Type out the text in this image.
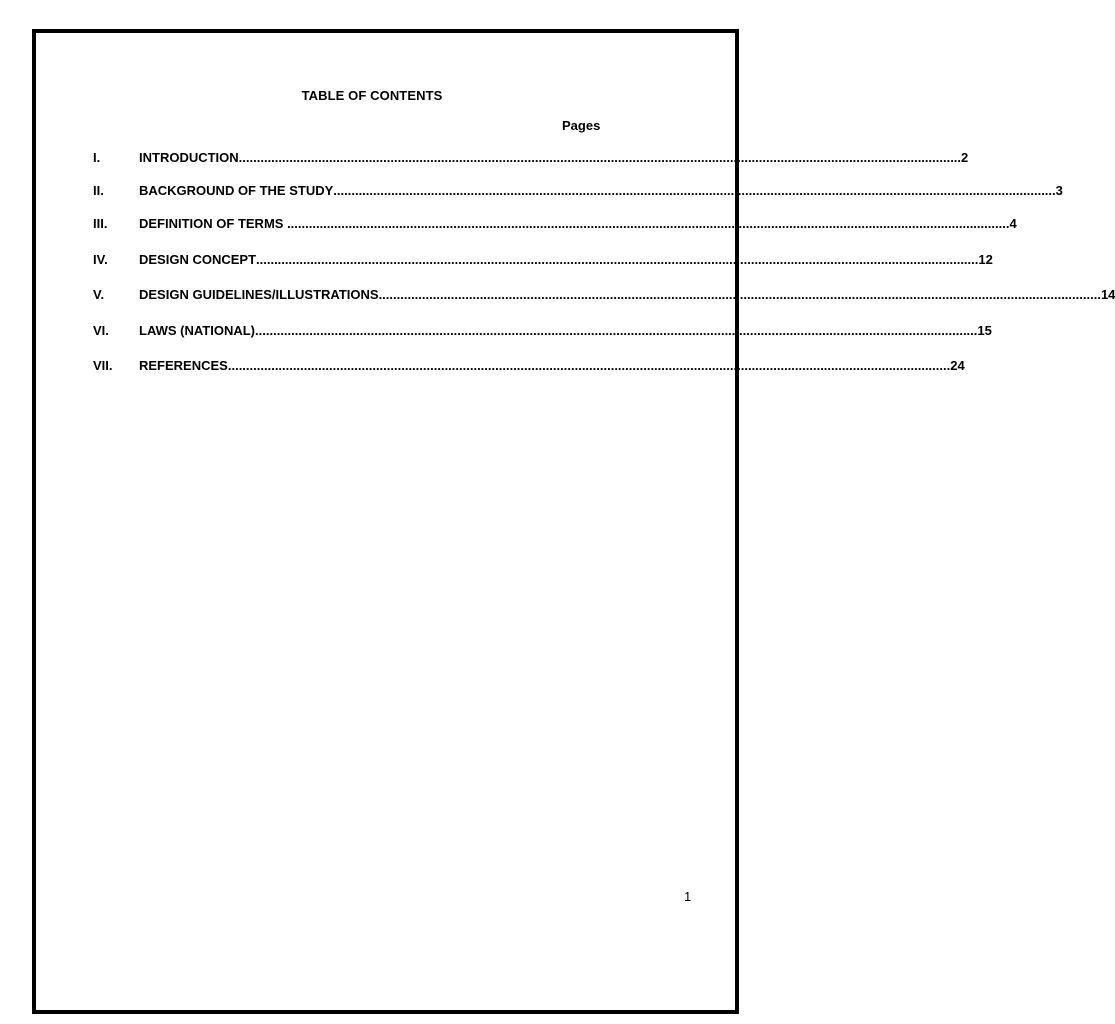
TABLE OF CONTENTS
Pages
I.	INTRODUCTION ........................................................................................................................................................................................................ 2
II.	BACKGROUND OF THE STUDY ........................................................................................................................................................................................................ 3
III. DEFINITION OF TERMS ........................................................................................................................................................................................................ 4
IV. DESIGN CONCEPT ........................................................................................................................................................................................................ 12
V.	DESIGN GUIDELINES/ILLUSTRATIONS ........................................................................................................................................................................................................ 14
VI. LAWS (NATIONAL) ........................................................................................................................................................................................................ 15
VII. REFERENCES ........................................................................................................................................................................................................ 24
1
